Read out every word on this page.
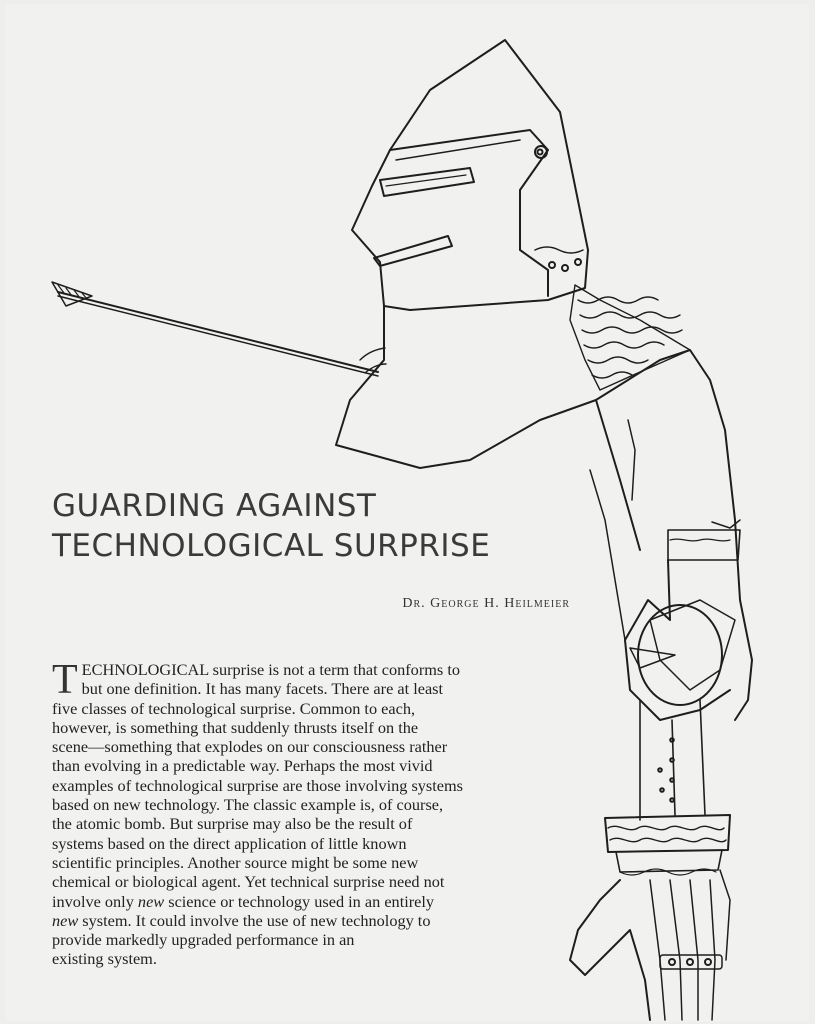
GUARDING AGAINST
TECHNOLOGICAL SURPRISE
Dr. George H. Heilmeier
T ECHNOLOGICAL surprise is not a term that conforms to
but one definition. It has many facets. There are at least
five classes of technological surprise. Common to each,
however, is something that suddenly thrusts itself on the
scene—something that explodes on our consciousness rather
than evolving in a predictable way. Perhaps the most vivid
examples of technological surprise are those involving systems
based on new technology. The classic example is, of course,
the atomic bomb. But surprise may also be the result of
systems based on the direct application of little known
scientific principles. Another source might be some new
chemical or biological agent. Yet technical surprise need not
involve only new science or technology used in an entirely
new system. It could involve the use of new technology to
provide markedly upgraded performance in an
existing system.
